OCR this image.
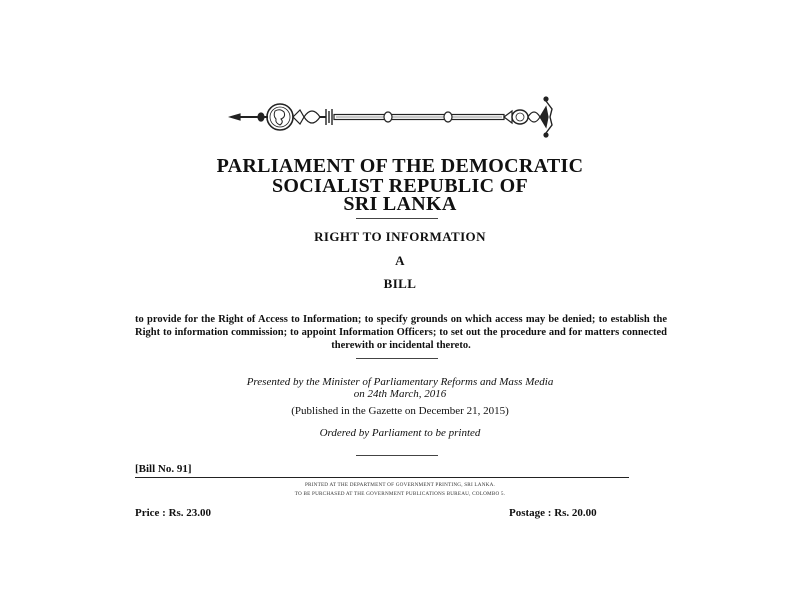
PARLIAMENT OF THE DEMOCRATIC

SOCIALIST REPUBLIC OF

SRI LANKA

RIGHT TO INFORMATION

A

BILL

to provide for the Right of Access to Information; to specify grounds on which access may be denied; to establish the Right to information commission; to appoint Information Officers; to set out the procedure and for matters connected therewith or incidental thereto.

Presented by the Minister of Parliamentary Reforms and Mass Media

on 24th March, 2016

(Published in the Gazette on December 21, 2015)

Ordered by Parliament to be printed

[Bill No. 91]

PRINTED AT THE DEPARTMENT OF GOVERNMENT PRINTING, SRI LANKA.

TO BE PURCHASED AT THE GOVERNMENT PUBLICATIONS BUREAU, COLOMBO 5.

Price : Rs. 23.00	Postage : Rs. 20.00
